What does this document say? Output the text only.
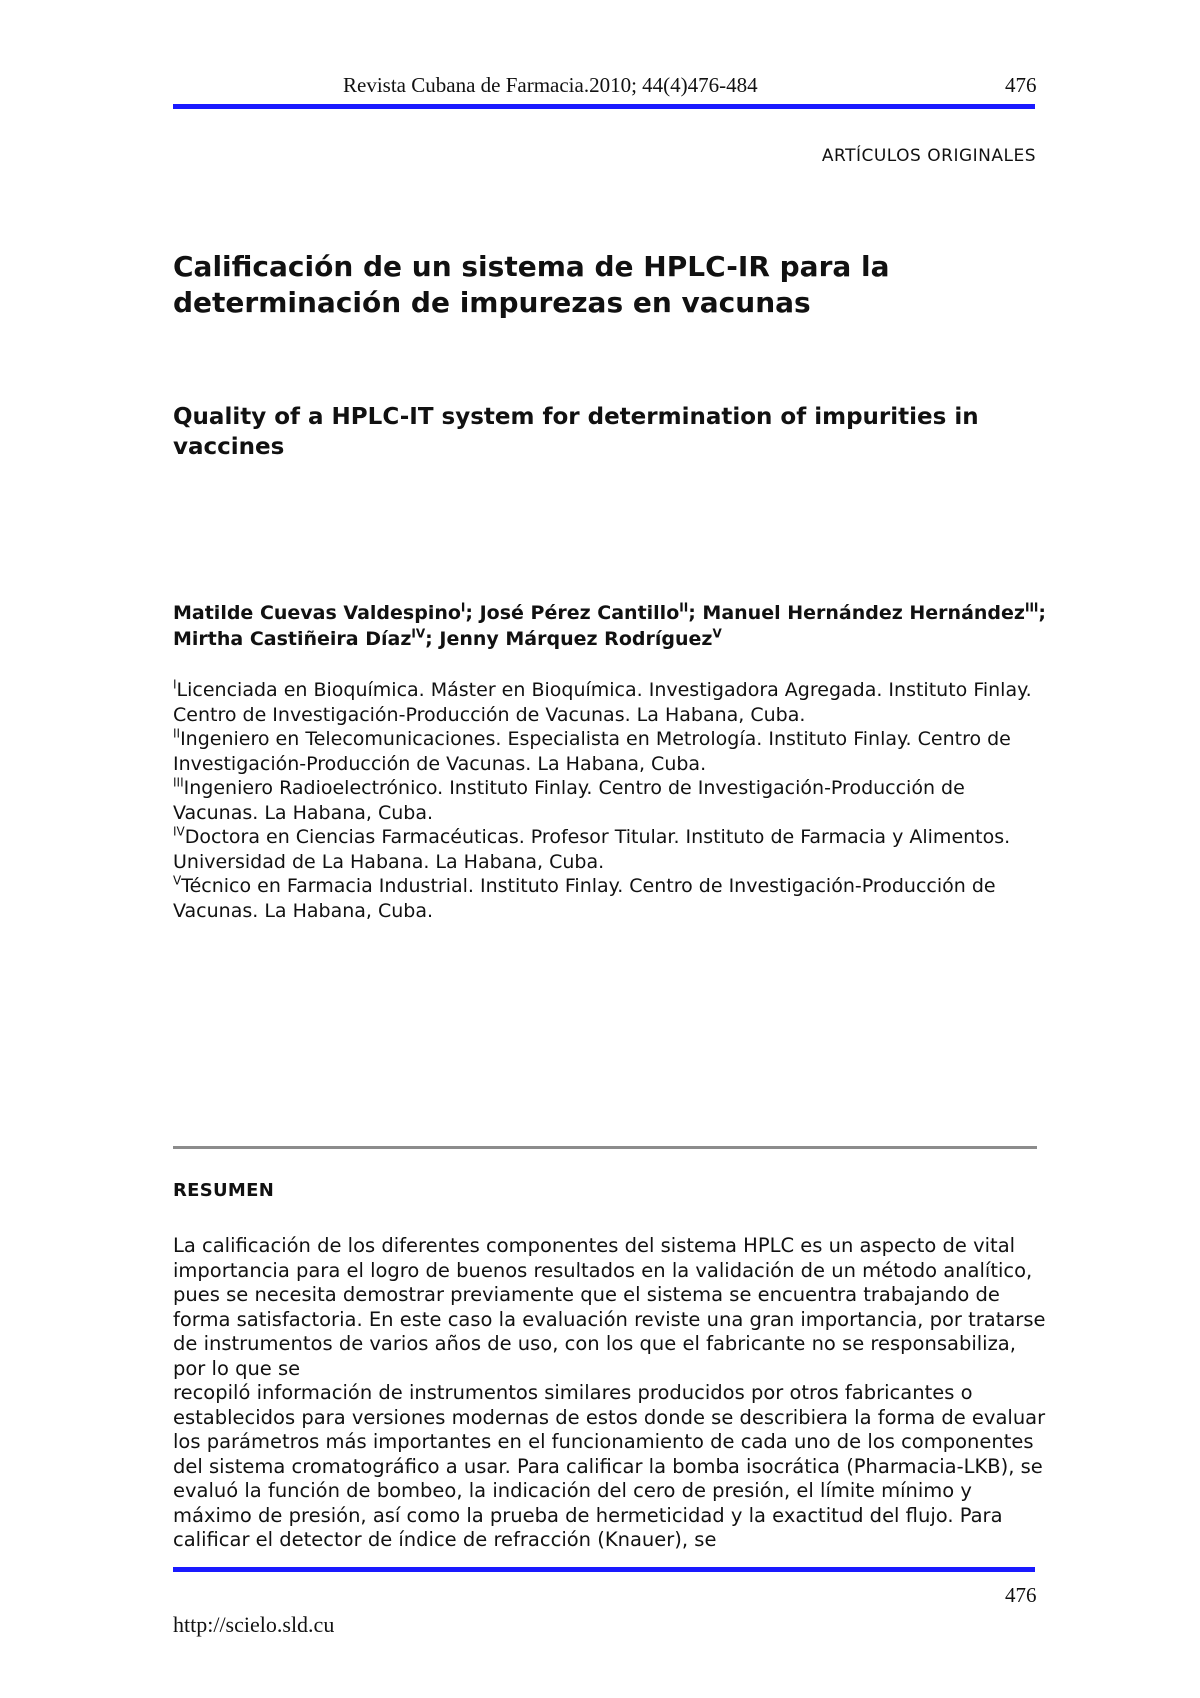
Revista Cubana de Farmacia.2010; 44(4)476-484	476
ARTÍCULOS ORIGINALES
Calificación de un sistema de HPLC-IR para la determinación de impurezas en vacunas
Quality of a HPLC-IT system for determination of impurities in vaccines

Matilde Cuevas Valdespino$^I$; José Pérez Cantillo$^{II}$; Manuel Hernández Hernández$^{III}$; Mirtha Castiñeira Díaz$^{IV}$; Jenny Márquez Rodríguez$^V$

$^I$Licenciada en Bioquímica. Máster en Bioquímica. Investigadora Agregada. Instituto Finlay. Centro de Investigación-Producción de Vacunas. La Habana, Cuba.
$^{II}$Ingeniero en Telecomunicaciones. Especialista en Metrología. Instituto Finlay. Centro de Investigación-Producción de Vacunas. La Habana, Cuba.
$^{III}$Ingeniero Radioelectrónico. Instituto Finlay. Centro de Investigación-Producción de Vacunas. La Habana, Cuba.
$^{IV}$Doctora en Ciencias Farmacéuticas. Profesor Titular. Instituto de Farmacia y Alimentos. Universidad de La Habana. La Habana, Cuba.
$^V$Técnico en Farmacia Industrial. Instituto Finlay. Centro de Investigación-Producción de Vacunas. La Habana, Cuba.
RESUMEN
La calificación de los diferentes componentes del sistema HPLC es un aspecto de vital importancia para el logro de buenos resultados en la validación de un método analítico, pues se necesita demostrar previamente que el sistema se encuentra trabajando de forma satisfactoria. En este caso la evaluación reviste una gran importancia, por tratarse de instrumentos de varios años de uso, con los que el fabricante no se responsabiliza, por lo que se
recopiló información de instrumentos similares producidos por otros fabricantes o establecidos para versiones modernas de estos donde se describiera la forma de evaluar los parámetros más importantes en el funcionamiento de cada uno de los componentes del sistema cromatográfico a usar. Para calificar la bomba isocrática (Pharmacia-LKB), se evaluó la función de bombeo, la indicación del cero de presión, el límite mínimo y máximo de presión, así como la prueba de hermeticidad y la exactitud del flujo. Para calificar el detector de índice de refracción (Knauer), se
476
http://scielo.sld.cu
